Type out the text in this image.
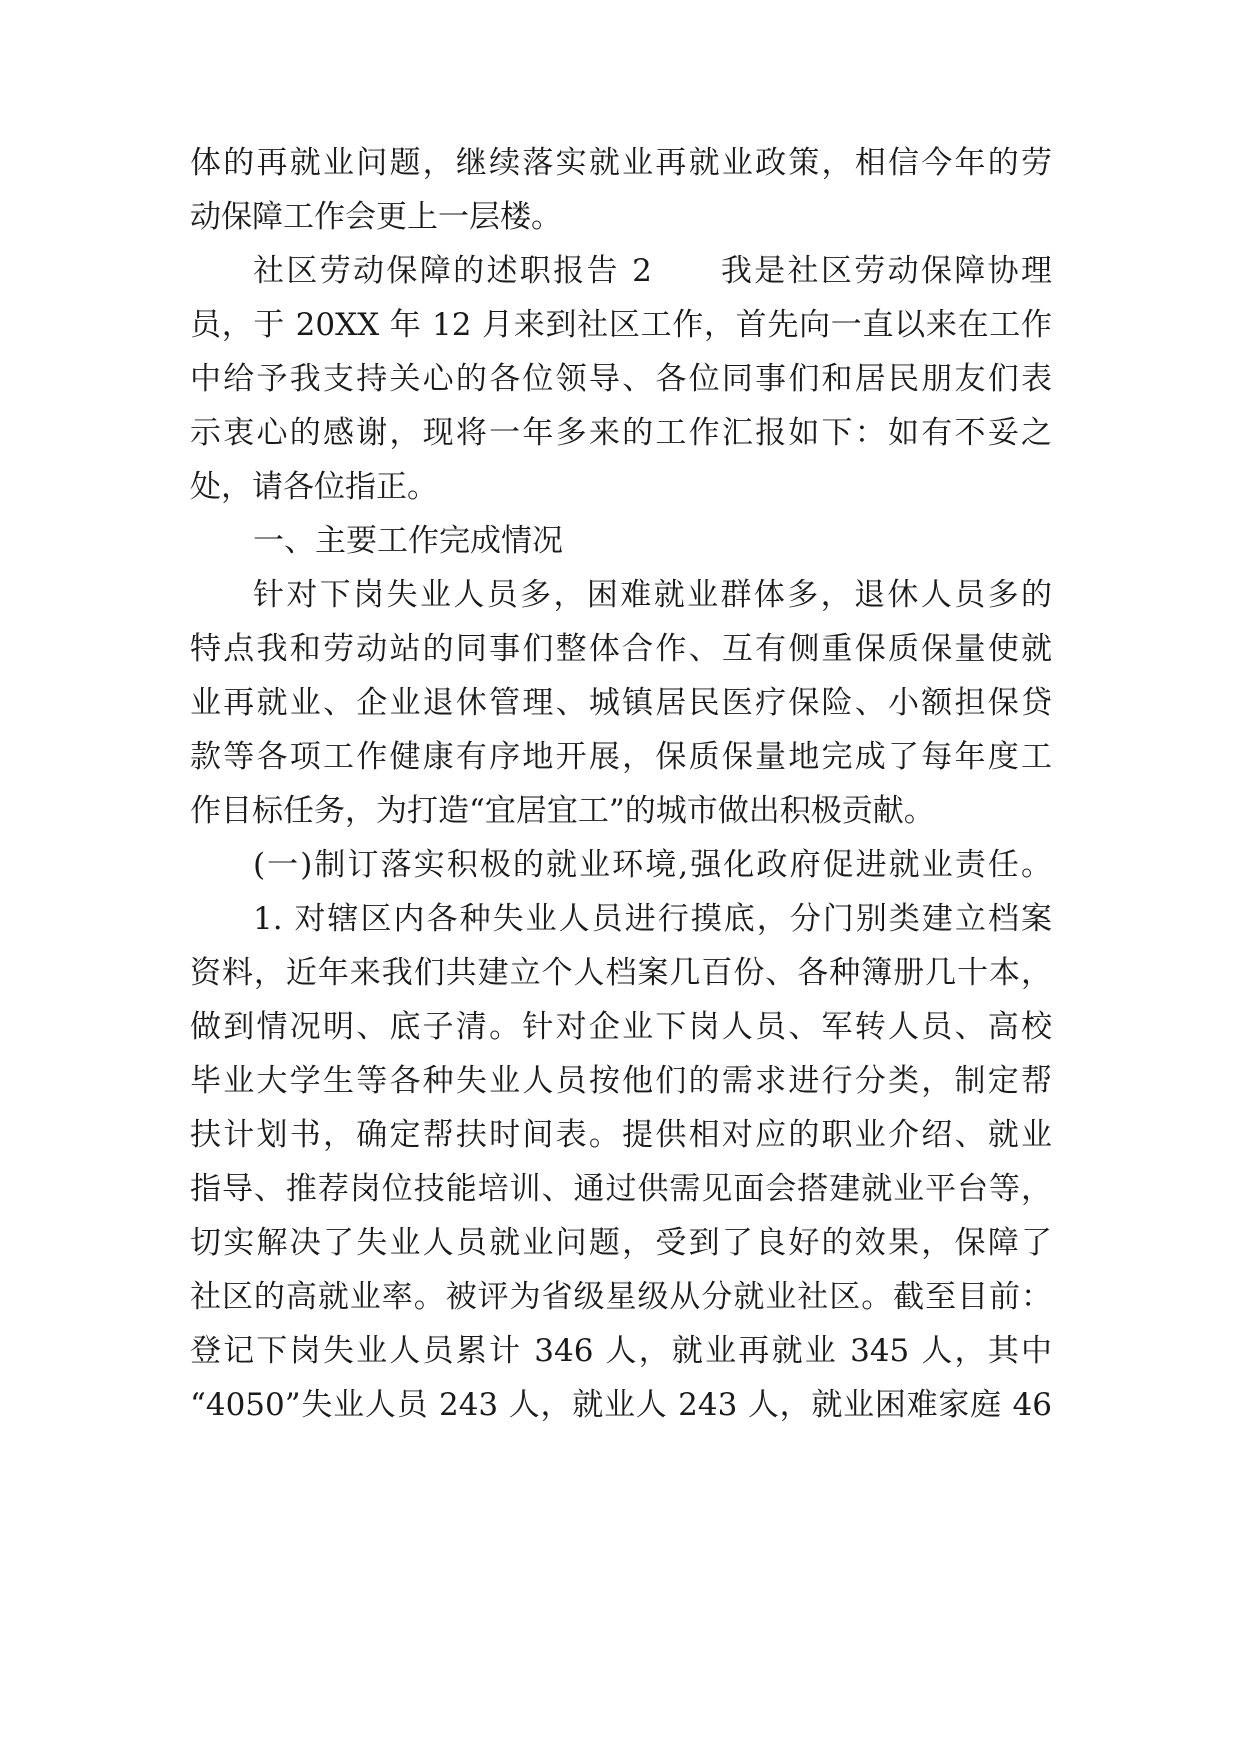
体的再就业问题，继续落实就业再就业政策，相信今年的劳
动保障工作会更上一层楼。
社区劳动保障的述职报告 2　　我是社区劳动保障协理
员，于 20XX 年 12 月来到社区工作，首先向一直以来在工作
中给予我支持关心的各位领导、各位同事们和居民朋友们表
示衷心的感谢，现将一年多来的工作汇报如下：如有不妥之
处，请各位指正。
一、主要工作完成情况
针对下岗失业人员多，困难就业群体多，退休人员多的
特点我和劳动站的同事们整体合作、互有侧重保质保量使就
业再就业、企业退休管理、城镇居民医疗保险、小额担保贷
款等各项工作健康有序地开展，保质保量地完成了每年度工
作目标任务，为打造“宜居宜工”的城市做出积极贡献。
(一)制订落实积极的就业环境,强化政府促进就业责任。
1. 对辖区内各种失业人员进行摸底，分门别类建立档案
资料，近年来我们共建立个人档案几百份、各种簿册几十本，
做到情况明、底子清。针对企业下岗人员、军转人员、高校
毕业大学生等各种失业人员按他们的需求进行分类，制定帮
扶计划书，确定帮扶时间表。提供相对应的职业介绍、就业
指导、推荐岗位技能培训、通过供需见面会搭建就业平台等，
切实解决了失业人员就业问题，受到了良好的效果，保障了
社区的高就业率。被评为省级星级从分就业社区。截至目前：
登记下岗失业人员累计 346 人，就业再就业 345 人，其中
“4050”失业人员 243 人，就业人 243 人，就业困难家庭 46
